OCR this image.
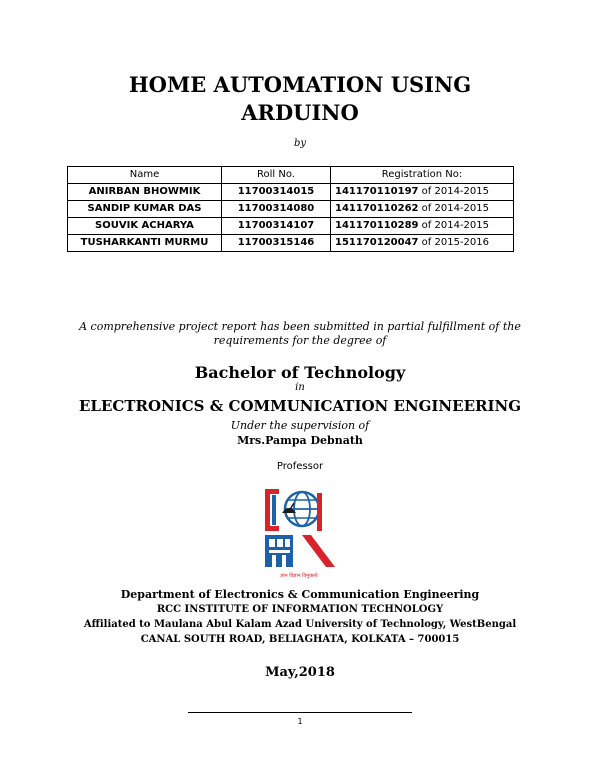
HOME AUTOMATION USING
ARDUINO
by
Name	Roll No.	Registration No:
ANIRBAN BHOWMIK	11700314015	141170110197 of 2014-2015
SANDIP KUMAR DAS	11700314080	141170110262 of 2014-2015
SOUVIK ACHARYA	11700314107	141170110289 of 2014-2015
TUSHARKANTI MURMU	11700315146	151170120047 of 2015-2016
A comprehensive project report has been submitted in partial fulfillment of the requirements for the degree of
Bachelor of Technology
in
ELECTRONICS & COMMUNICATION ENGINEERING
Under the supervision of
Mrs.Pampa Debnath
Professor
ज्ञान विज्ञान विमुक्तये
Department of Electronics & Communication Engineering
RCC INSTITUTE OF INFORMATION TECHNOLOGY
Affiliated to Maulana Abul Kalam Azad University of Technology, WestBengal
CANAL SOUTH ROAD, BELIAGHATA, KOLKATA – 700015
May,2018
1
